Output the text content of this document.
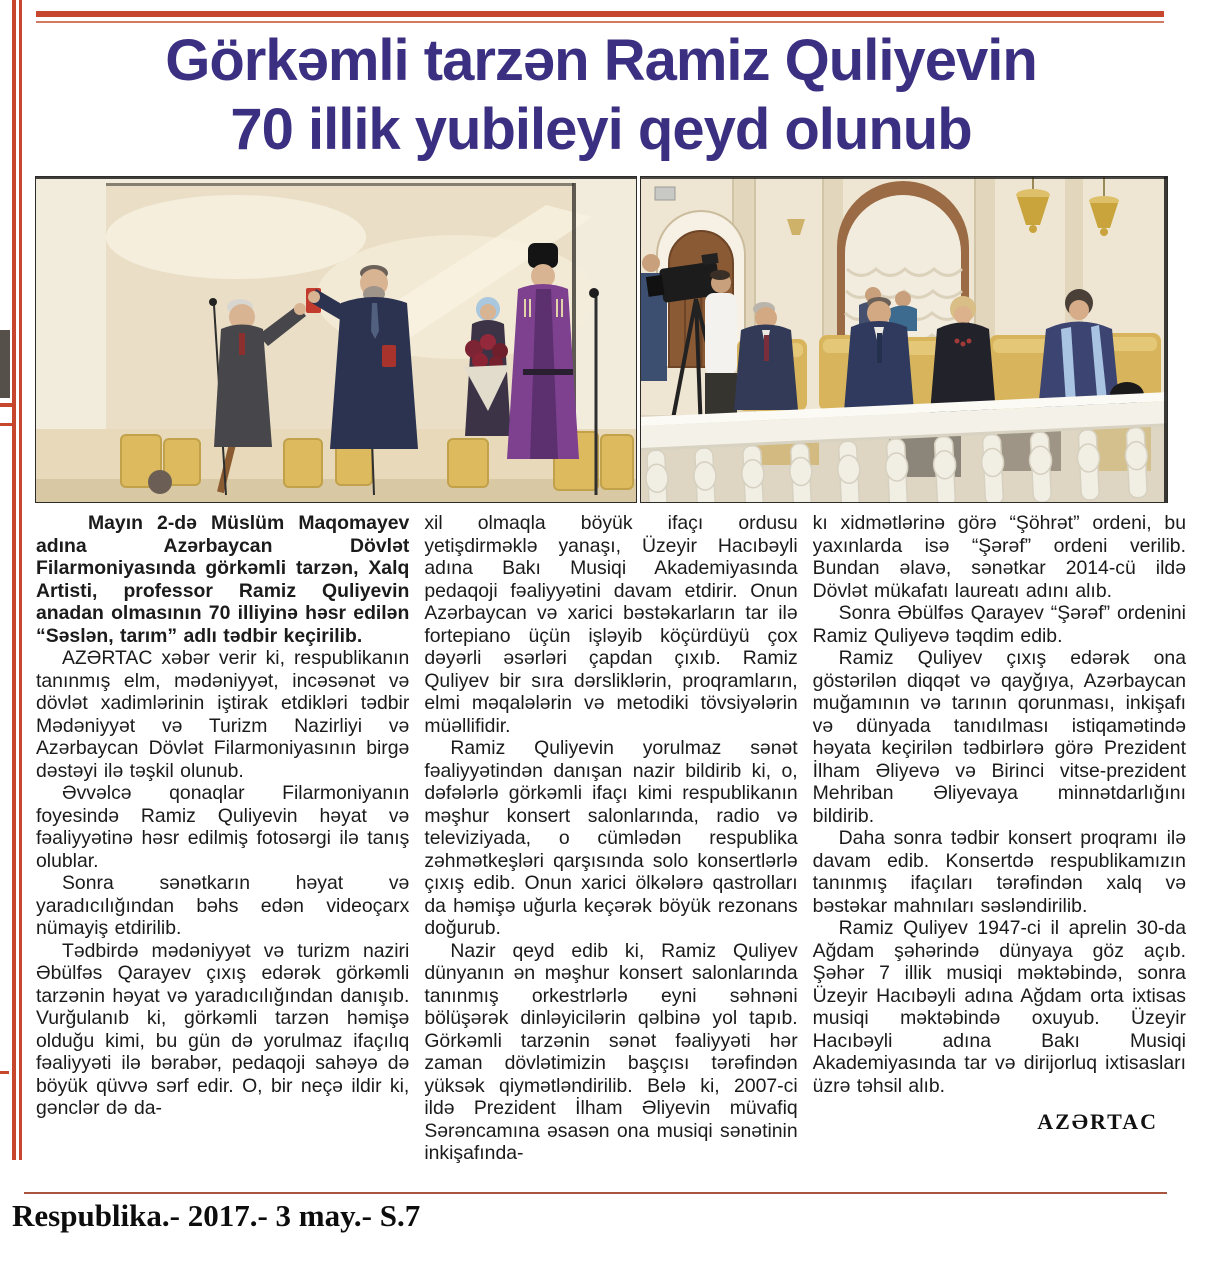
Görkəmli tarzən Ramiz Quliyevin
70 illik yubileyi qeyd olunub

Mayın 2-də Müslüm Maqomayev adına Azərbaycan Dövlət Filarmoniyasında görkəmli tarzən, Xalq Artisti, professor Ramiz Quliyevin anadan olmasının 70 illiyinə həsr edilən “Səslən, tarım” adlı tədbir keçirilib.

AZƏRTAC xəbər verir ki, respublikanın tanınmış elm, mədəniyyət, incəsənət və dövlət xadimlərinin iştirak etdikləri tədbir Mədəniyyət və Turizm Nazirliyi və Azərbaycan Dövlət Filarmoniyasının birgə dəstəyi ilə təşkil olunub.

Əvvəlcə qonaqlar Filarmoniyanın foyesində Ramiz Quliyevin həyat və fəaliyyətinə həsr edilmiş fotosərgi ilə tanış olublar.

Sonra sənətkarın həyat və yaradıcılığından bəhs edən videoçarx nümayiş etdirilib.

Tədbirdə mədəniyyət və turizm naziri Əbülfəs Qarayev çıxış edərək görkəmli tarzənin həyat və yaradıcılığından danışıb. Vurğulanıb ki, görkəmli tarzən həmişə olduğu kimi, bu gün də yorulmaz ifaçılıq fəaliyyəti ilə bərabər, pedaqoji sahəyə də böyük qüvvə sərf edir. O, bir neçə ildir ki, gənclər də da-

xil olmaqla böyük ifaçı ordusu yetişdirməklə yanaşı, Üzeyir Hacıbəyli adına Bakı Musiqi Akademiyasında pedaqoji fəaliyyətini davam etdirir. Onun Azərbaycan və xarici bəstəkarların tar ilə fortepiano üçün işləyib köçürdüyü çox dəyərli əsərləri çapdan çıxıb. Ramiz Quliyev bir sıra dərsliklərin, proqramların, elmi məqalələrin və metodiki tövsiyələrin müəllifidir.

Ramiz Quliyevin yorulmaz sənət fəaliyyətindən danışan nazir bildirib ki, o, dəfələrlə görkəmli ifaçı kimi respublikanın məşhur konsert salonlarında, radio və televiziyada, o cümlədən respublika zəhmətkeşləri qarşısında solo konsertlərlə çıxış edib. Onun xarici ölkələrə qastrolları da həmişə uğurla keçərək böyük rezonans doğurub.

Nazir qeyd edib ki, Ramiz Quliyev dünyanın ən məşhur konsert salonlarında tanınmış orkestrlərlə eyni səhnəni bölüşərək dinləyicilərin qəlbinə yol tapıb. Görkəmli tarzənin sənət fəaliyyəti hər zaman dövlətimizin başçısı tərəfindən yüksək qiymətləndirilib. Belə ki, 2007-ci ildə Prezident İlham Əliyevin müvafiq Sərəncamına əsasən ona musiqi sənətinin inkişafında-

kı xidmətlərinə görə “Şöhrət” ordeni, bu yaxınlarda isə “Şərəf” ordeni verilib. Bundan əlavə, sənətkar 2014-cü ildə Dövlət mükafatı laureatı adını alıb.

Sonra Əbülfəs Qarayev “Şərəf” ordenini Ramiz Quliyevə təqdim edib.

Ramiz Quliyev çıxış edərək ona göstərilən diqqət və qayğıya, Azərbaycan muğamının və tarının qorunması, inkişafı və dünyada tanıdılması istiqamətində həyata keçirilən tədbirlərə görə Prezident İlham Əliyevə və Birinci vitse-prezident Mehriban Əliyevaya minnətdarlığını bildirib.

Daha sonra tədbir konsert proqramı ilə davam edib. Konsertdə respublikamızın tanınmış ifaçıları tərəfindən xalq və bəstəkar mahnıları səsləndirilib.

Ramiz Quliyev 1947-ci il aprelin 30-da Ağdam şəhərində dünyaya göz açıb. Şəhər 7 illik musiqi məktəbində, sonra Üzeyir Hacıbəyli adına Ağdam orta ixtisas musiqi məktəbində oxuyub. Üzeyir Hacıbəyli adına Bakı Musiqi Akademiyasında tar və dirijorluq ixtisasları üzrə təhsil alıb.

AZƏRTAC

Respublika.- 2017.- 3 may.- S.7
